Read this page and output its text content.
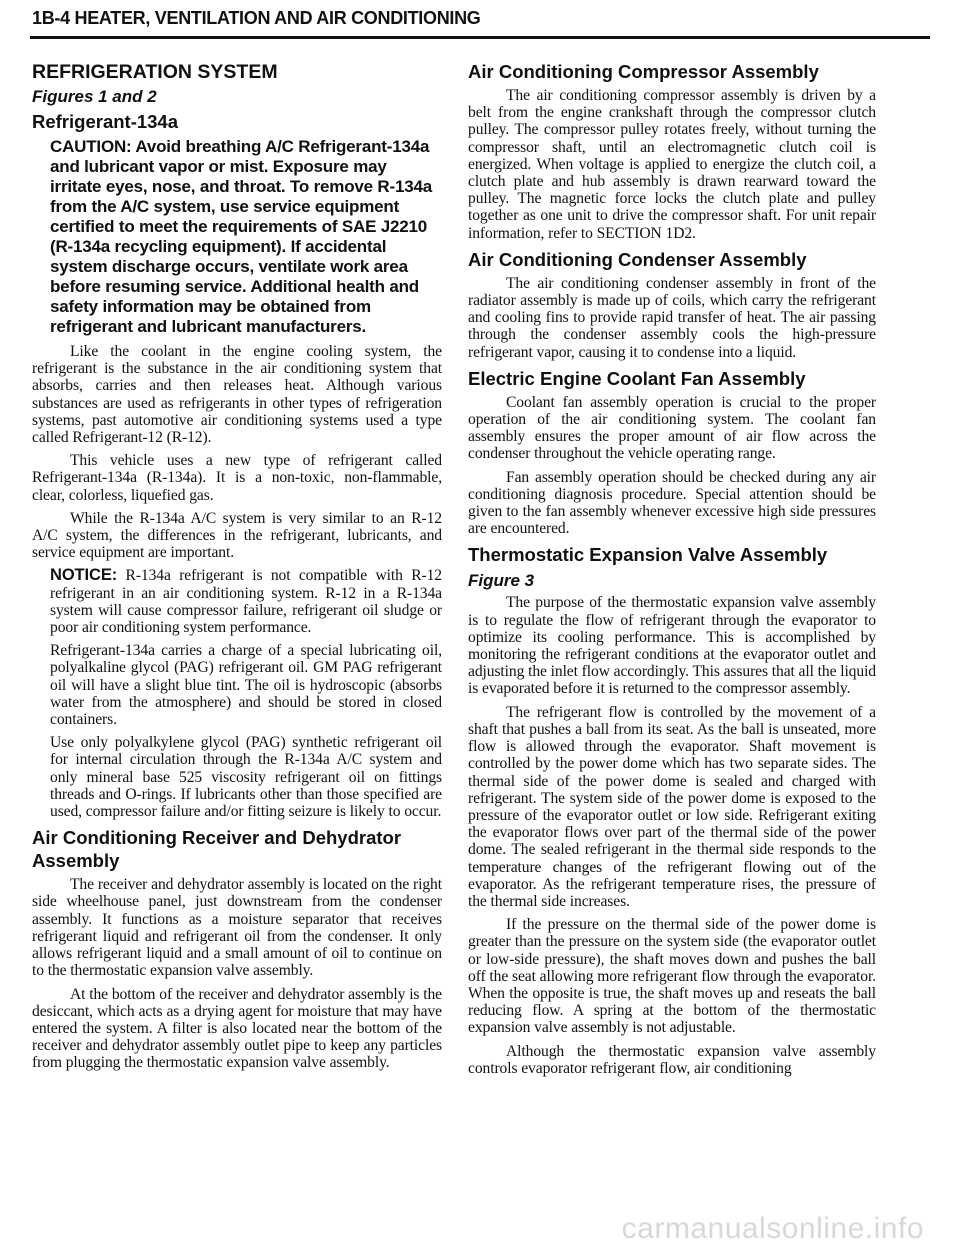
1B-4 HEATER, VENTILATION AND AIR CONDITIONING
REFRIGERATION SYSTEM
Figures 1 and 2
Refrigerant-134a
CAUTION: Avoid breathing A/C Refrigerant-134a and lubricant vapor or mist. Exposure may irritate eyes, nose, and throat. To remove R-134a from the A/C system, use service equipment certified to meet the requirements of SAE J2210 (R-134a recycling equipment). If accidental system discharge occurs, ventilate work area before resuming service. Additional health and safety information may be obtained from refrigerant and lubricant manufacturers.

Like the coolant in the engine cooling system, the refrigerant is the substance in the air conditioning system that absorbs, carries and then releases heat. Although various substances are used as refrigerants in other types of refrigeration systems, past automotive air conditioning systems used a type called Refrigerant-12 (R-12).

This vehicle uses a new type of refrigerant called Refrigerant-134a (R-134a). It is a non-toxic, non-flammable, clear, colorless, liquefied gas.

While the R-134a A/C system is very similar to an R-12 A/C system, the differences in the refrigerant, lubricants, and service equipment are important.

NOTICE: R-134a refrigerant is not compatible with R-12 refrigerant in an air conditioning system. R-12 in a R-134a system will cause compressor failure, refrigerant oil sludge or poor air conditioning system performance.

Refrigerant-134a carries a charge of a special lubricating oil, polyalkaline glycol (PAG) refrigerant oil. GM PAG refrigerant oil will have a slight blue tint. The oil is hydroscopic (absorbs water from the atmosphere) and should be stored in closed containers.

Use only polyalkylene glycol (PAG) synthetic refrigerant oil for internal circulation through the R-134a A/C system and only mineral base 525 viscosity refrigerant oil on fittings threads and O-rings. If lubricants other than those specified are used, compressor failure and/or fitting seizure is likely to occur.

Air Conditioning Receiver and Dehydrator Assembly

The receiver and dehydrator assembly is located on the right side wheelhouse panel, just downstream from the condenser assembly. It functions as a moisture separator that receives refrigerant liquid and refrigerant oil from the condenser. It only allows refrigerant liquid and a small amount of oil to continue on to the thermostatic expansion valve assembly.

At the bottom of the receiver and dehydrator assembly is the desiccant, which acts as a drying agent for moisture that may have entered the system. A filter is also located near the bottom of the receiver and dehydrator assembly outlet pipe to keep any particles from plugging the thermostatic expansion valve assembly.

Air Conditioning Compressor Assembly

The air conditioning compressor assembly is driven by a belt from the engine crankshaft through the compressor clutch pulley. The compressor pulley rotates freely, without turning the compressor shaft, until an electromagnetic clutch coil is energized. When voltage is applied to energize the clutch coil, a clutch plate and hub assembly is drawn rearward toward the pulley. The magnetic force locks the clutch plate and pulley together as one unit to drive the compressor shaft. For unit repair information, refer to SECTION 1D2.

Air Conditioning Condenser Assembly

The air conditioning condenser assembly in front of the radiator assembly is made up of coils, which carry the refrigerant and cooling fins to provide rapid transfer of heat. The air passing through the condenser assembly cools the high-pressure refrigerant vapor, causing it to condense into a liquid.

Electric Engine Coolant Fan Assembly

Coolant fan assembly operation is crucial to the proper operation of the air conditioning system. The coolant fan assembly ensures the proper amount of air flow across the condenser throughout the vehicle operating range.

Fan assembly operation should be checked during any air conditioning diagnosis procedure. Special attention should be given to the fan assembly whenever excessive high side pressures are encountered.

Thermostatic Expansion Valve Assembly
Figure 3

The purpose of the thermostatic expansion valve assembly is to regulate the flow of refrigerant through the evaporator to optimize its cooling performance. This is accomplished by monitoring the refrigerant conditions at the evaporator outlet and adjusting the inlet flow accordingly. This assures that all the liquid is evaporated before it is returned to the compressor assembly.

The refrigerant flow is controlled by the movement of a shaft that pushes a ball from its seat. As the ball is unseated, more flow is allowed through the evaporator. Shaft movement is controlled by the power dome which has two separate sides. The thermal side of the power dome is sealed and charged with refrigerant. The system side of the power dome is exposed to the pressure of the evaporator outlet or low side. Refrigerant exiting the evaporator flows over part of the thermal side of the power dome. The sealed refrigerant in the thermal side responds to the temperature changes of the refrigerant flowing out of the evaporator. As the refrigerant temperature rises, the pressure of the thermal side increases.

If the pressure on the thermal side of the power dome is greater than the pressure on the system side (the evaporator outlet or low-side pressure), the shaft moves down and pushes the ball off the seat allowing more refrigerant flow through the evaporator. When the opposite is true, the shaft moves up and reseats the ball reducing flow. A spring at the bottom of the thermostatic expansion valve assembly is not adjustable.

Although the thermostatic expansion valve assembly controls evaporator refrigerant flow, air conditioning

carmanualsonline.info
